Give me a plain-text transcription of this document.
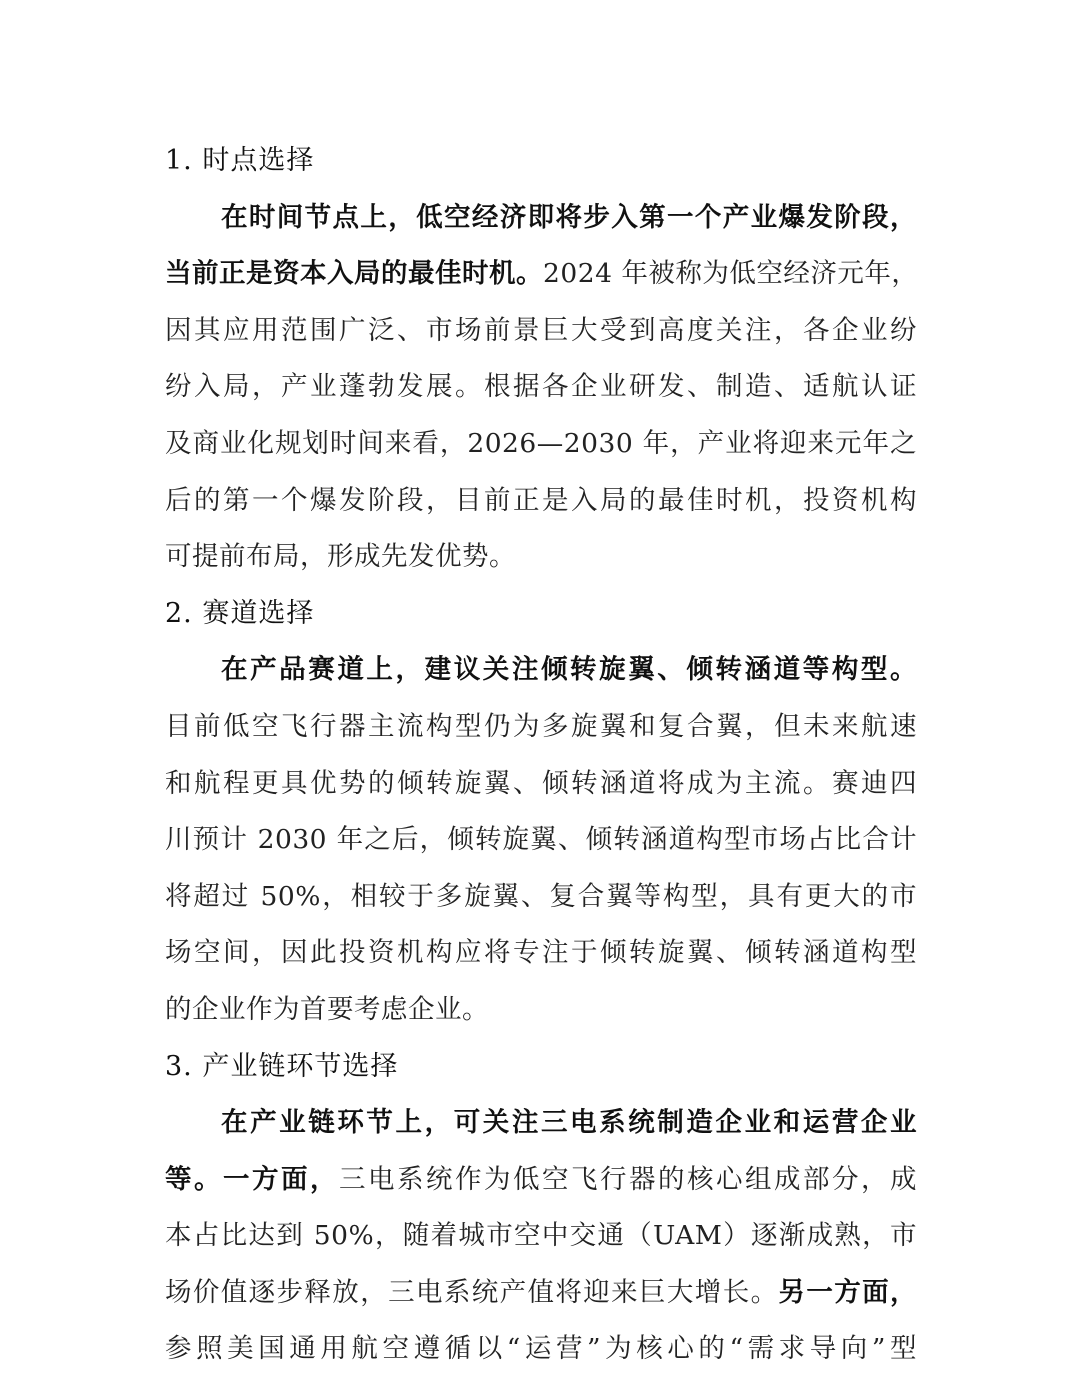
1. 时点选择
在时间节点上，低空经济即将步入第一个产业爆发阶段，
当前正是资本入局的最佳时机。2024 年被称为低空经济元年，
因其应用范围广泛、市场前景巨大受到高度关注，各企业纷
纷入局，产业蓬勃发展。根据各企业研发、制造、适航认证
及商业化规划时间来看，2026—2030 年，产业将迎来元年之
后的第一个爆发阶段，目前正是入局的最佳时机，投资机构
可提前布局，形成先发优势。
2. 赛道选择
在产品赛道上，建议关注倾转旋翼、倾转涵道等构型。
目前低空飞行器主流构型仍为多旋翼和复合翼，但未来航速
和航程更具优势的倾转旋翼、倾转涵道将成为主流。赛迪四
川预计 2030 年之后，倾转旋翼、倾转涵道构型市场占比合计
将超过 50%，相较于多旋翼、复合翼等构型，具有更大的市
场空间，因此投资机构应将专注于倾转旋翼、倾转涵道构型
的企业作为首要考虑企业。
3. 产业链环节选择
在产业链环节上，可关注三电系统制造企业和运营企业
等。一方面，三电系统作为低空飞行器的核心组成部分，成
本占比达到 50%，随着城市空中交通（UAM）逐渐成熟，市
场价值逐步释放，三电系统产值将迎来巨大增长。另一方面，
参照美国通用航空遵循以“运营”为核心的“需求导向”型
